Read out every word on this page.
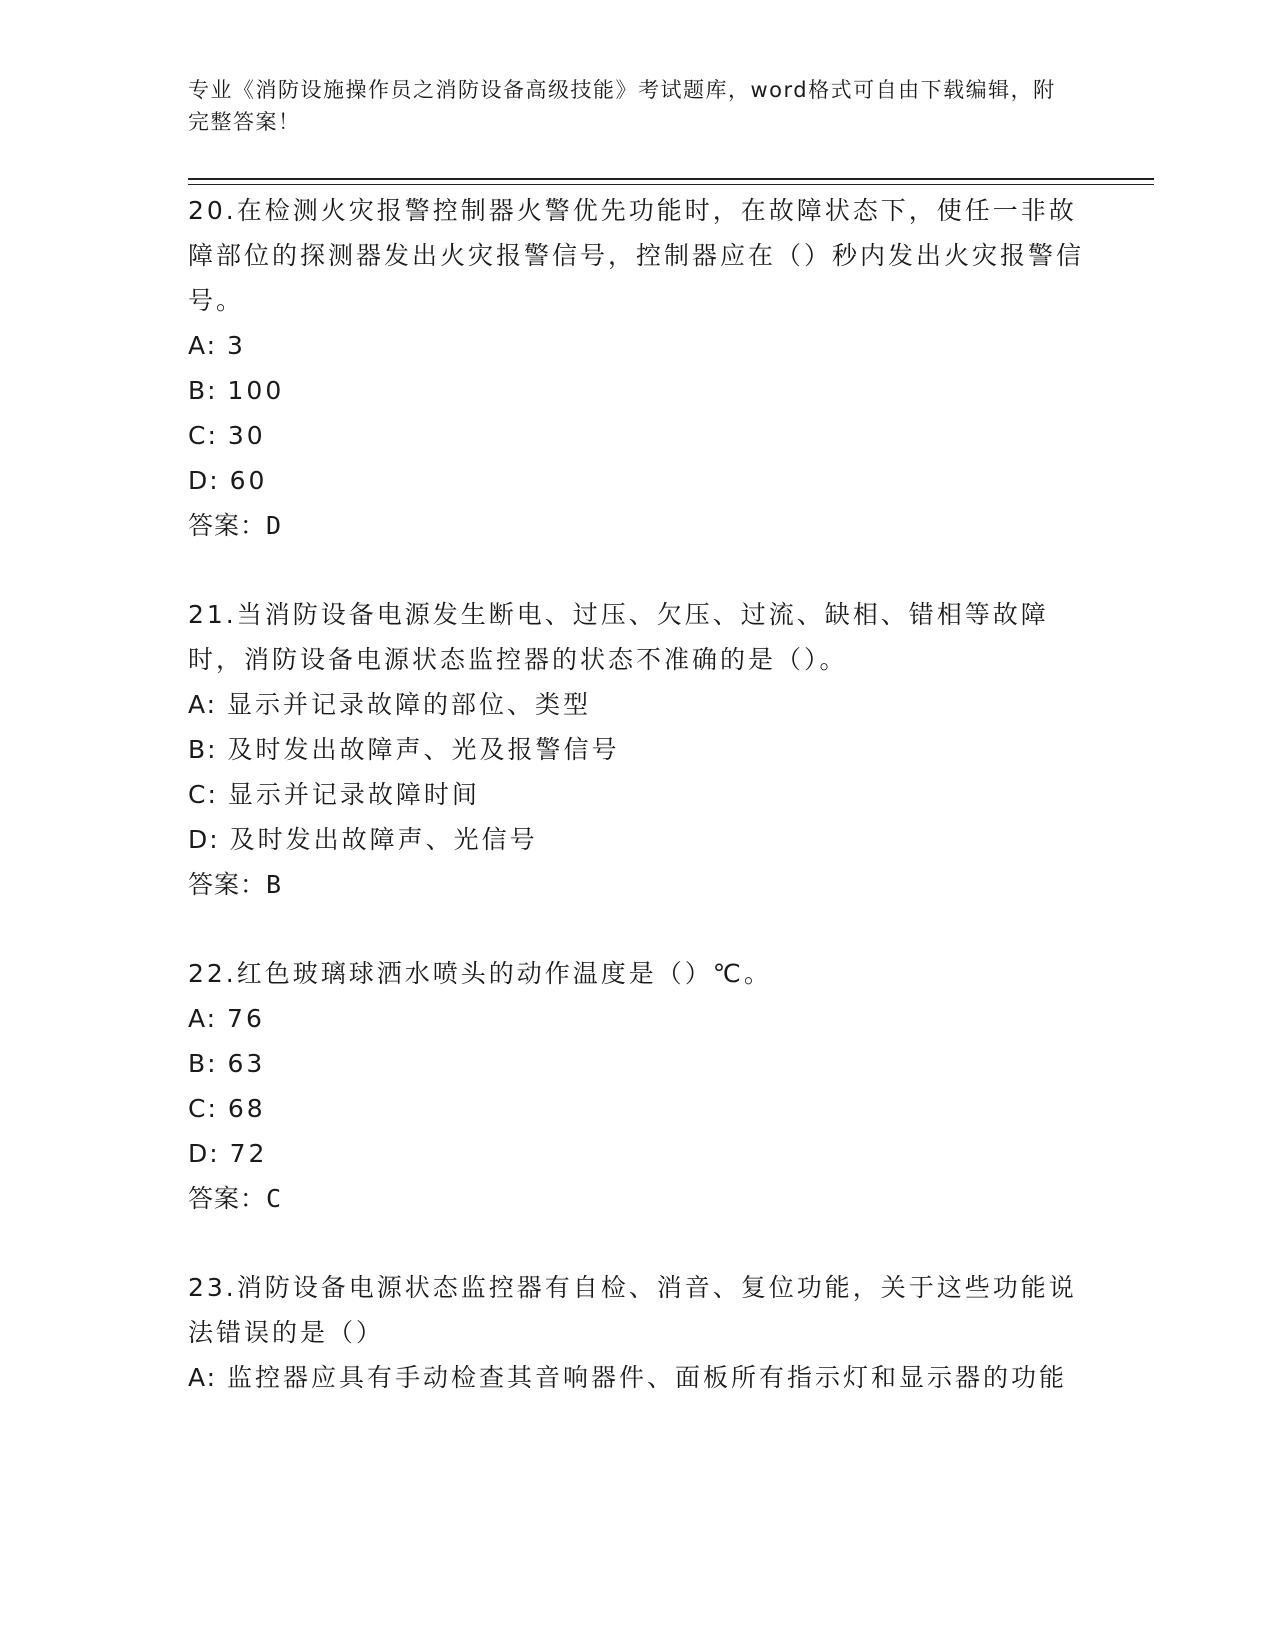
专业《消防设施操作员之消防设备高级技能》考试题库，word格式可自由下载编辑，附完整答案！

20.在检测火灾报警控制器火警优先功能时，在故障状态下，使任一非故障部位的探测器发出火灾报警信号，控制器应在（）秒内发出火灾报警信号。

A: 3

B: 100

C: 30

D: 60

答案：D

21.当消防设备电源发生断电、过压、欠压、过流、缺相、错相等故障时，消防设备电源状态监控器的状态不准确的是（）。

A: 显示并记录故障的部位、类型

B: 及时发出故障声、光及报警信号

C: 显示并记录故障时间

D: 及时发出故障声、光信号

答案：B

22.红色玻璃球洒水喷头的动作温度是（）℃。

A: 76

B: 63

C: 68

D: 72

答案：C

23.消防设备电源状态监控器有自检、消音、复位功能，关于这些功能说法错误的是（）

A: 监控器应具有手动检查其音响器件、面板所有指示灯和显示器的功能
